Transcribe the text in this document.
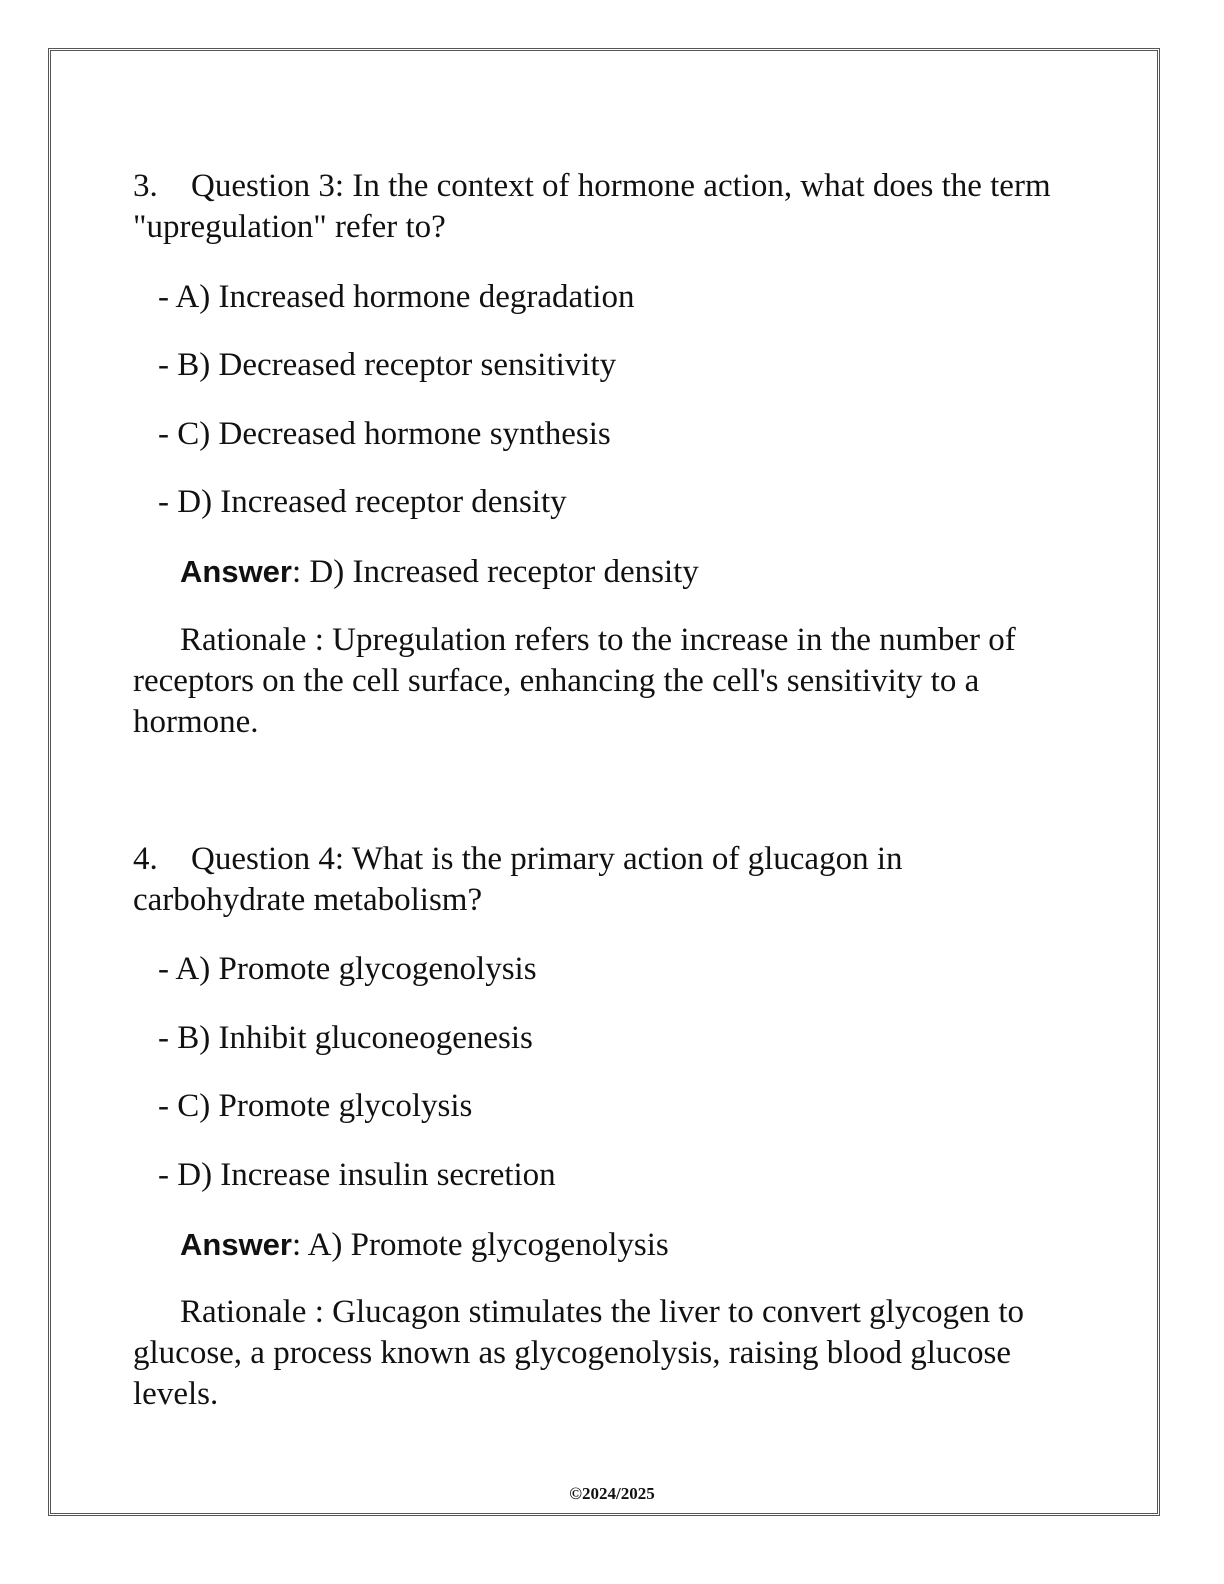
3. Question 3: In the context of hormone action, what does the term "upregulation" refer to?

- A) Increased hormone degradation
- B) Decreased receptor sensitivity
- C) Decreased hormone synthesis
- D) Increased receptor density
Answer: D) Increased receptor density
Rationale : Upregulation refers to the increase in the number of receptors on the cell surface, enhancing the cell's sensitivity to a hormone.

4. Question 4: What is the primary action of glucagon in carbohydrate metabolism?

- A) Promote glycogenolysis
- B) Inhibit gluconeogenesis
- C) Promote glycolysis
- D) Increase insulin secretion
Answer: A) Promote glycogenolysis
Rationale : Glucagon stimulates the liver to convert glycogen to glucose, a process known as glycogenolysis, raising blood glucose levels.
©2024/2025
